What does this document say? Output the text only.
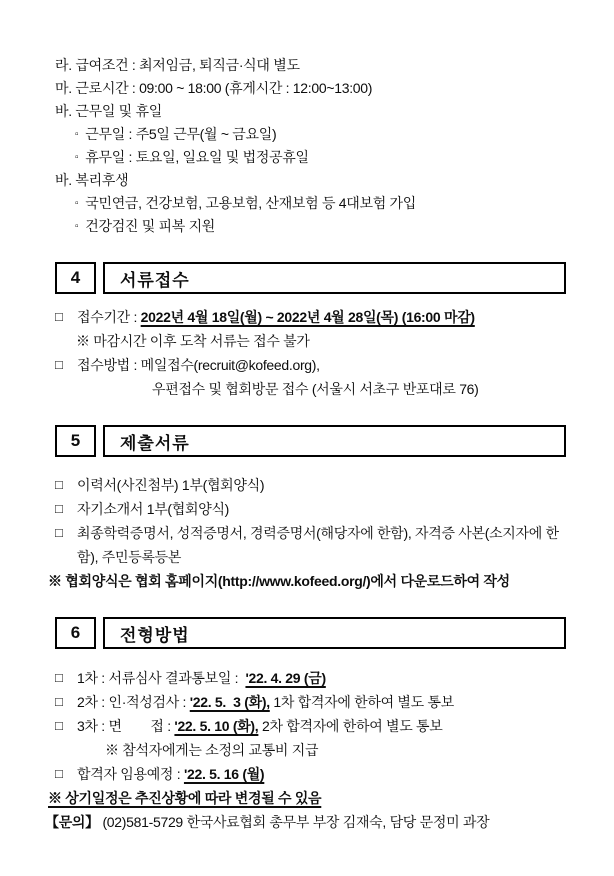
라. 급여조건 : 최저임금, 퇴직금·식대 별도
마. 근로시간 : 09:00 ~ 18:00 (휴게시간 : 12:00~13:00)
바. 근무일 및 휴일
▫ 근무일 : 주5일 근무(월 ~ 금요일)
▫ 휴무일 : 토요일, 일요일 및 법정공휴일
바. 복리후생
▫ 국민연금, 건강보험, 고용보험, 산재보험 등 4대보험 가입
▫ 건강검진 및 피복 지원
4	서류접수
□	접수기간 : 2022년 4월 18일(월) ~ 2022년 4월 28일(목) (16:00 마감)
※ 마감시간 이후 도착 서류는 접수 불가
□	접수방법 : 메일접수(recruit@kofeed.org),
우편접수 및 협회방문 접수 (서울시 서초구 반포대로 76)
5	제출서류
□	이력서(사진첨부) 1부(협회양식)
□	자기소개서 1부(협회양식)
□	최종학력증명서, 성적증명서, 경력증명서(해당자에 한함), 자격증 사본(소지자에 한함), 주민등록등본
※ 협회양식은 협회 홈페이지(http://www.kofeed.org/)에서 다운로드하여 작성
6	전형방법
□	1차 : 서류심사 결과통보일 :  '22. 4. 29 (금)
□	2차 : 인·적성검사 : '22. 5.  3 (화), 1차 합격자에 한하여 별도 통보
□	3차 : 면        접 : '22. 5. 10 (화), 2차 합격자에 한하여 별도 통보
※ 참석자에게는 소정의 교통비 지급
□	합격자 임용예정 : '22. 5. 16 (월)
※ 상기일정은 추진상황에 따라 변경될 수 있음
【문의】 (02)581-5729 한국사료협회 총무부 부장 김재숙, 담당 문정미 과장
